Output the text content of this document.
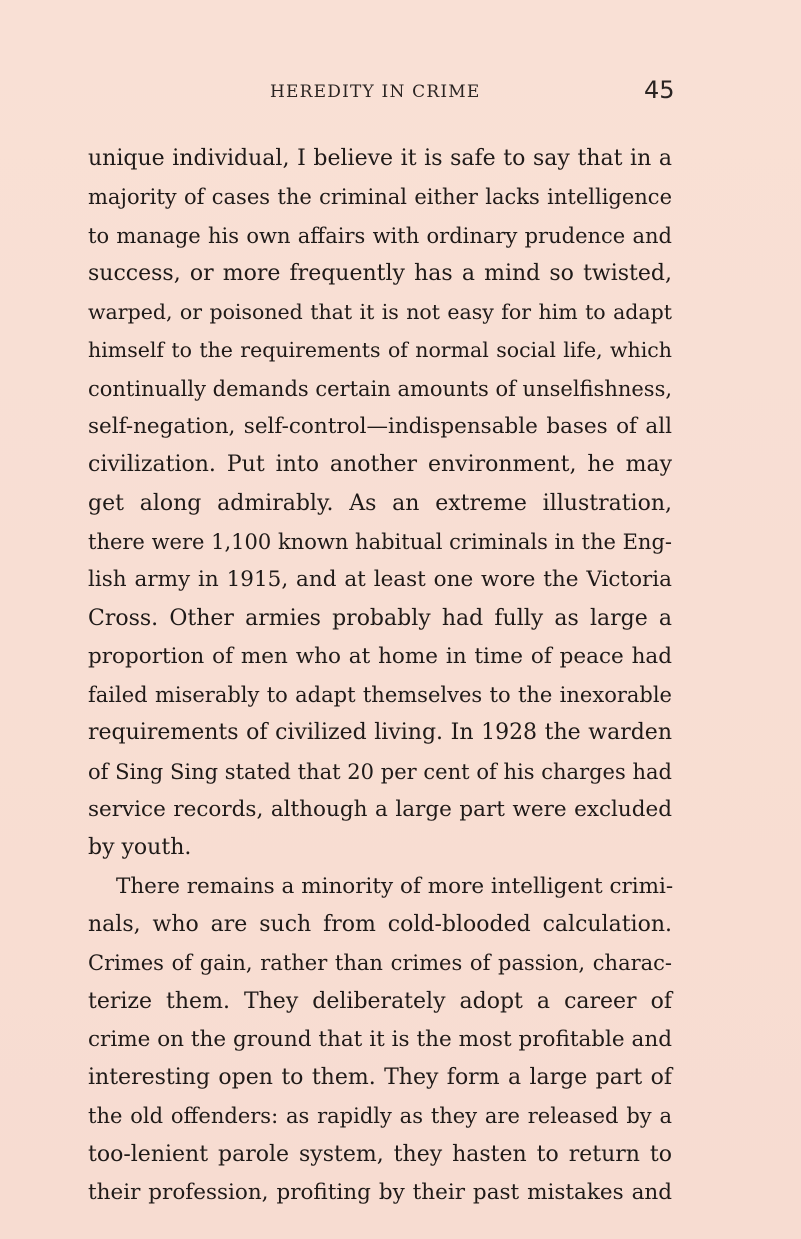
HEREDITY IN CRIME	45
unique individual, I believe it is safe to say that in a
majority of cases the criminal either lacks intelligence
to manage his own affairs with ordinary prudence and
success, or more frequently has a mind so twisted,
warped, or poisoned that it is not easy for him to adapt
himself to the requirements of normal social life, which
continually demands certain amounts of unselfishness,
self-negation, self-control—indispensable bases of all
civilization. Put into another environment, he may
get along admirably. As an extreme illustration,
there were 1,100 known habitual criminals in the Eng-
lish army in 1915, and at least one wore the Victoria
Cross. Other armies probably had fully as large a
proportion of men who at home in time of peace had
failed miserably to adapt themselves to the inexorable
requirements of civilized living. In 1928 the warden
of Sing Sing stated that 20 per cent of his charges had
service records, although a large part were excluded
by youth.
There remains a minority of more intelligent crimi-
nals, who are such from cold-blooded calculation.
Crimes of gain, rather than crimes of passion, charac-
terize them. They deliberately adopt a career of
crime on the ground that it is the most profitable and
interesting open to them. They form a large part of
the old offenders: as rapidly as they are released by a
too-lenient parole system, they hasten to return to
their profession, profiting by their past mistakes and
